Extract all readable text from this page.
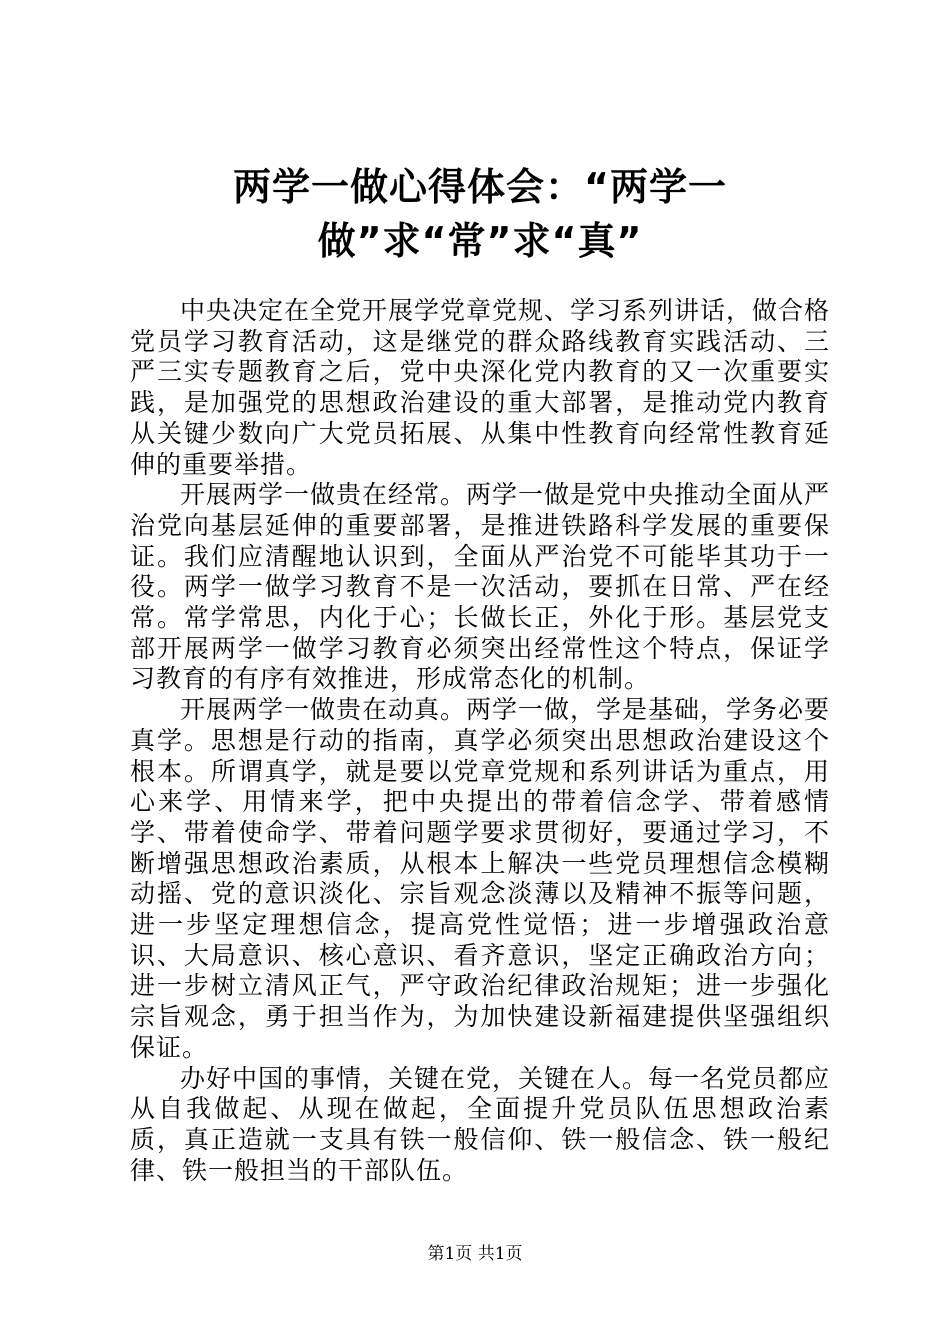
两学一做心得体会：“两学一做”求“常”求“真”

中央决定在全党开展学党章党规、学习系列讲话，做合格党员学习教育活动，这是继党的群众路线教育实践活动、三严三实专题教育之后，党中央深化党内教育的又一次重要实践，是加强党的思想政治建设的重大部署，是推动党内教育从关键少数向广大党员拓展、从集中性教育向经常性教育延伸的重要举措。

开展两学一做贵在经常。两学一做是党中央推动全面从严治党向基层延伸的重要部署，是推进铁路科学发展的重要保证。我们应清醒地认识到，全面从严治党不可能毕其功于一役。两学一做学习教育不是一次活动，要抓在日常、严在经常。常学常思，内化于心；长做长正，外化于形。基层党支部开展两学一做学习教育必须突出经常性这个特点，保证学习教育的有序有效推进，形成常态化的机制。

开展两学一做贵在动真。两学一做，学是基础，学务必要真学。思想是行动的指南，真学必须突出思想政治建设这个根本。所谓真学，就是要以党章党规和系列讲话为重点，用心来学、用情来学，把中央提出的带着信念学、带着感情学、带着使命学、带着问题学要求贯彻好，要通过学习，不断增强思想政治素质，从根本上解决一些党员理想信念模糊动摇、党的意识淡化、宗旨观念淡薄以及精神不振等问题，进一步坚定理想信念，提高党性觉悟；进一步增强政治意识、大局意识、核心意识、看齐意识，坚定正确政治方向；进一步树立清风正气，严守政治纪律政治规矩；进一步强化宗旨观念，勇于担当作为，为加快建设新福建提供坚强组织保证。

办好中国的事情，关键在党，关键在人。每一名党员都应从自我做起、从现在做起，全面提升党员队伍思想政治素质，真正造就一支具有铁一般信仰、铁一般信念、铁一般纪律、铁一般担当的干部队伍。

第1页 共1页
